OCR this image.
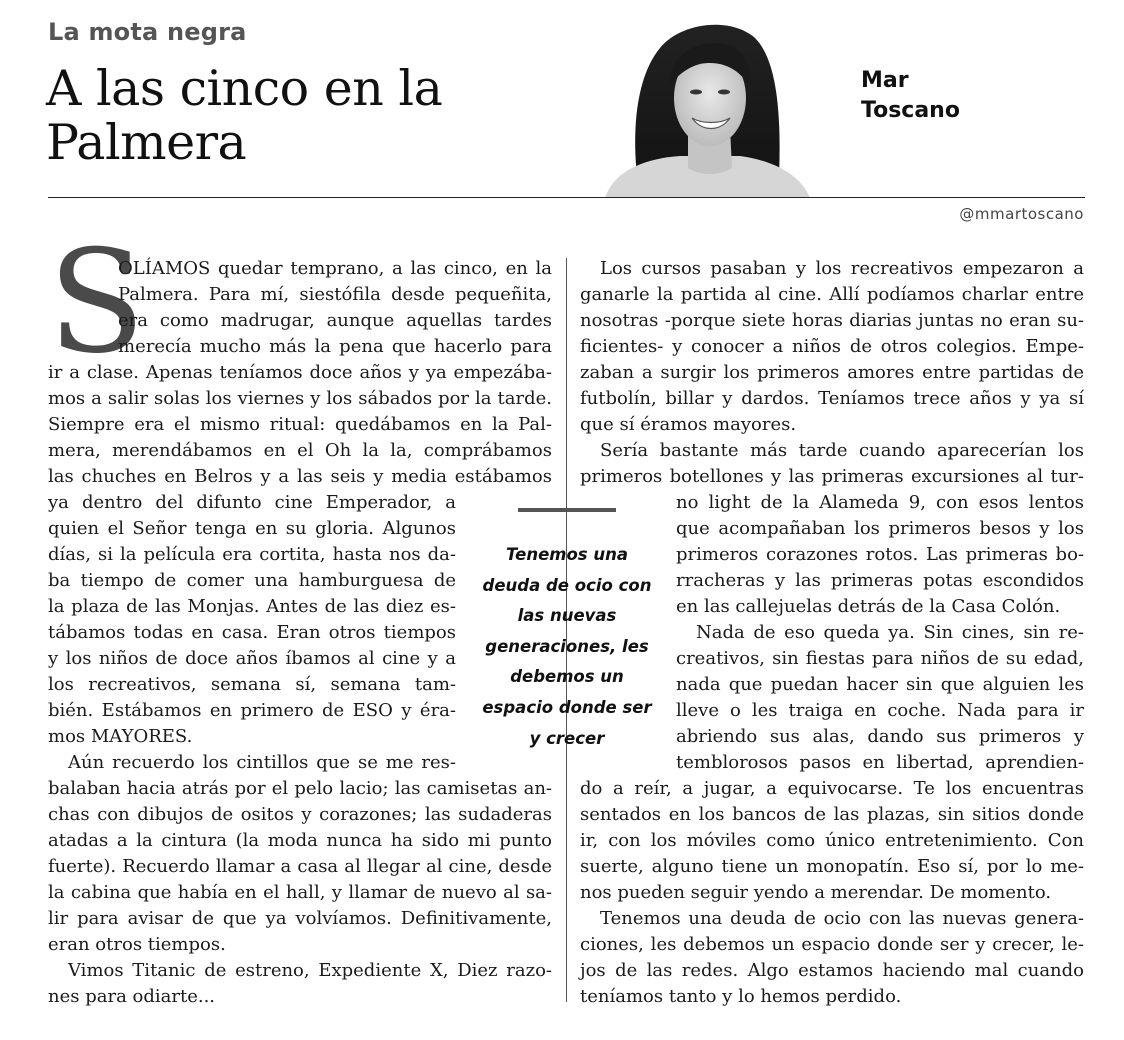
La mota negra
A las cinco en la
Palmera
Mar
Toscano
@mmartoscano
S
OLÍAMOS quedar temprano, a las cinco, en la
Palmera. Para mí, siestófila desde pequeñita,
era como madrugar, aunque aquellas tardes
merecía mucho más la pena que hacerlo para
ir a clase. Apenas teníamos doce años y ya empezába-
mos a salir solas los viernes y los sábados por la tarde.
Siempre era el mismo ritual: quedábamos en la Pal-
mera, merendábamos en el Oh la la, comprábamos
las chuches en Belros y a las seis y media estábamos
ya dentro del difunto cine Emperador, a
quien el Señor tenga en su gloria. Algunos
días, si la película era cortita, hasta nos da-
ba tiempo de comer una hamburguesa de
la plaza de las Monjas. Antes de las diez es-
tábamos todas en casa. Eran otros tiempos
y los niños de doce años íbamos al cine y a
los recreativos, semana sí, semana tam-
bién. Estábamos en primero de ESO y éra-
mos MAYORES.
Aún recuerdo los cintillos que se me res-
balaban hacia atrás por el pelo lacio; las camisetas an-
chas con dibujos de ositos y corazones; las sudaderas
atadas a la cintura (la moda nunca ha sido mi punto
fuerte). Recuerdo llamar a casa al llegar al cine, desde
la cabina que había en el hall, y llamar de nuevo al sa-
lir para avisar de que ya volvíamos. Definitivamente,
eran otros tiempos.
Vimos Titanic de estreno, Expediente X, Diez razo-
nes para odiarte...
Tenemos una
deuda de ocio con
las nuevas
generaciones, les
debemos un
espacio donde ser
y crecer
Los cursos pasaban y los recreativos empezaron a
ganarle la partida al cine. Allí podíamos charlar entre
nosotras -porque siete horas diarias juntas no eran su-
ficientes- y conocer a niños de otros colegios. Empe-
zaban a surgir los primeros amores entre partidas de
futbolín, billar y dardos. Teníamos trece años y ya sí
que sí éramos mayores.
Sería bastante más tarde cuando aparecerían los
primeros botellones y las primeras excursiones al tur-
no light de la Alameda 9, con esos lentos
que acompañaban los primeros besos y los
primeros corazones rotos. Las primeras bo-
rracheras y las primeras potas escondidos
en las callejuelas detrás de la Casa Colón.
Nada de eso queda ya. Sin cines, sin re-
creativos, sin fiestas para niños de su edad,
nada que puedan hacer sin que alguien les
lleve o les traiga en coche. Nada para ir
abriendo sus alas, dando sus primeros y
temblorosos pasos en libertad, aprendien-
do a reír, a jugar, a equivocarse. Te los encuentras
sentados en los bancos de las plazas, sin sitios donde
ir, con los móviles como único entretenimiento. Con
suerte, alguno tiene un monopatín. Eso sí, por lo me-
nos pueden seguir yendo a merendar. De momento.
Tenemos una deuda de ocio con las nuevas genera-
ciones, les debemos un espacio donde ser y crecer, le-
jos de las redes. Algo estamos haciendo mal cuando
teníamos tanto y lo hemos perdido.
